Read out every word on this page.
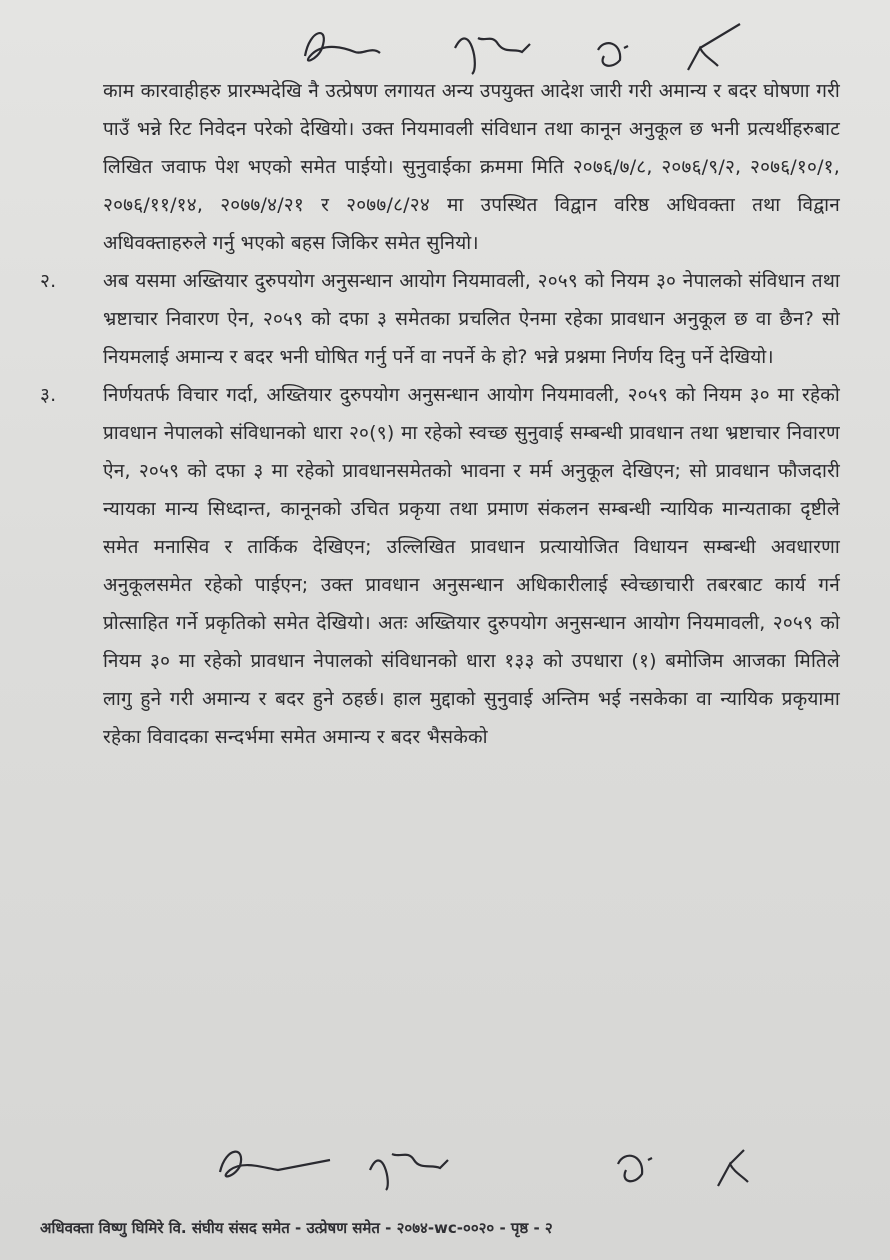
काम कारवाहीहरु प्रारम्भदेखि नै उत्प्रेषण लगायत अन्य उपयुक्त आदेश जारी गरी अमान्य र बदर घोषणा गरी पाउँ भन्ने रिट निवेदन परेको देखियो। उक्त नियमावली संविधान तथा कानून अनुकूल छ भनी प्रत्यर्थीहरुबाट लिखित जवाफ पेश भएको समेत पाईयो। सुनुवाईका क्रममा मिति २०७६/७/८, २०७६/९/२, २०७६/१०/१, २०७६/११/१४, २०७७/४/२१ र २०७७/८/२४ मा उपस्थित विद्वान वरिष्ठ अधिवक्ता तथा विद्वान अधिवक्ताहरुले गर्नु भएको बहस जिकिर समेत सुनियो।
२.	अब यसमा अख्तियार दुरुपयोग अनुसन्धान आयोग नियमावली, २०५९ को नियम ३० नेपालको संविधान तथा भ्रष्टाचार निवारण ऐन, २०५९ को दफा ३ समेतका प्रचलित ऐनमा रहेका प्रावधान अनुकूल छ वा छैन? सो नियमलाई अमान्य र बदर भनी घोषित गर्नु पर्ने वा नपर्ने के हो? भन्ने प्रश्नमा निर्णय दिनु पर्ने देखियो।
३.	निर्णयतर्फ विचार गर्दा, अख्तियार दुरुपयोग अनुसन्धान आयोग नियमावली, २०५९ को नियम ३० मा रहेको प्रावधान नेपालको संविधानको धारा २०(९) मा रहेको स्वच्छ सुनुवाई सम्बन्धी प्रावधान तथा भ्रष्टाचार निवारण ऐन, २०५९ को दफा ३ मा रहेको प्रावधानसमेतको भावना र मर्म अनुकूल देखिएन; सो प्रावधान फौजदारी न्यायका मान्य सिध्दान्त, कानूनको उचित प्रकृया तथा प्रमाण संकलन सम्बन्धी न्यायिक मान्यताका दृष्टीले समेत मनासिव र तार्किक देखिएन; उल्लिखित प्रावधान प्रत्यायोजित विधायन सम्बन्धी अवधारणा अनुकूलसमेत रहेको पाईएन; उक्त प्रावधान अनुसन्धान अधिकारीलाई स्वेच्छाचारी तबरबाट कार्य गर्न प्रोत्साहित गर्ने प्रकृतिको समेत देखियो। अतः अख्तियार दुरुपयोग अनुसन्धान आयोग नियमावली, २०५९ को नियम ३० मा रहेको प्रावधान नेपालको संविधानको धारा १३३ को उपधारा (१) बमोजिम आजका मितिले लागु हुने गरी अमान्य र बदर हुने ठहर्छ। हाल मुद्दाको सुनुवाई अन्तिम भई नसकेका वा न्यायिक प्रकृयामा रहेका विवादका सन्दर्भमा समेत अमान्य र बदर भैसकेको
अधिवक्ता विष्णु घिमिरे वि. संघीय संसद समेत - उत्प्रेषण समेत - २०७४-wc-००२० - पृष्ठ - २
